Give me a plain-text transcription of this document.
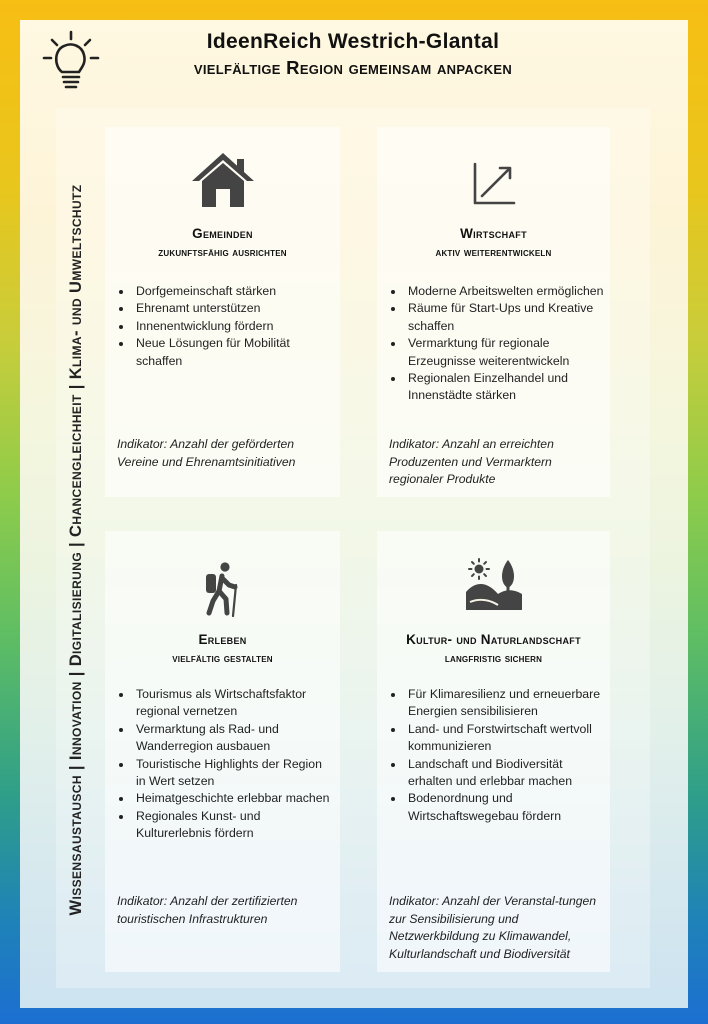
IdeenReich Westrich-Glantal
vielfältige Region gemeinsam anpacken
Wissensaustausch | Innovation | Digitalisierung | Chancengleichheit | Klima- und Umweltschutz	Gemeinden
zukunftsfähig ausrichten
• Dorfgemeinschaft stärken
• Ehrenamt unterstützen
• Innenentwicklung fördern
• Neue Lösungen für Mobilität schaffen
Indikator: Anzahl der geförderten Vereine und Ehrenamtsinitiativen
Wirtschaft
aktiv weiterentwickeln
• Moderne Arbeitswelten ermöglichen
• Räume für Start-Ups und Kreative schaffen
• Vermarktung für regionale Erzeugnisse weiterentwickeln
• Regionalen Einzelhandel und Innenstädte stärken
Indikator: Anzahl an erreichten Produzenten und Vermarktern regionaler Produkte
Erleben
vielfältig gestalten
• Tourismus als Wirtschaftsfaktor regional vernetzen
• Vermarktung als Rad- und Wanderregion ausbauen
• Touristische Highlights der Region in Wert setzen
• Heimatgeschichte erlebbar machen
• Regionales Kunst- und Kulturerlebnis fördern
Indikator: Anzahl der zertifizierten touristischen Infrastrukturen
Kultur- und Naturlandschaft
langfristig sichern
• Für Klimaresilienz und erneuerbare Energien sensibilisieren
• Land- und Forstwirtschaft wertvoll kommunizieren
• Landschaft und Biodiversität erhalten und erlebbar machen
• Bodenordnung und Wirtschaftswegebau fördern
Indikator: Anzahl der Veranstal-tungen zur Sensibilisierung und Netzwerkbildung zu Klimawandel, Kulturlandschaft und Biodiversität
